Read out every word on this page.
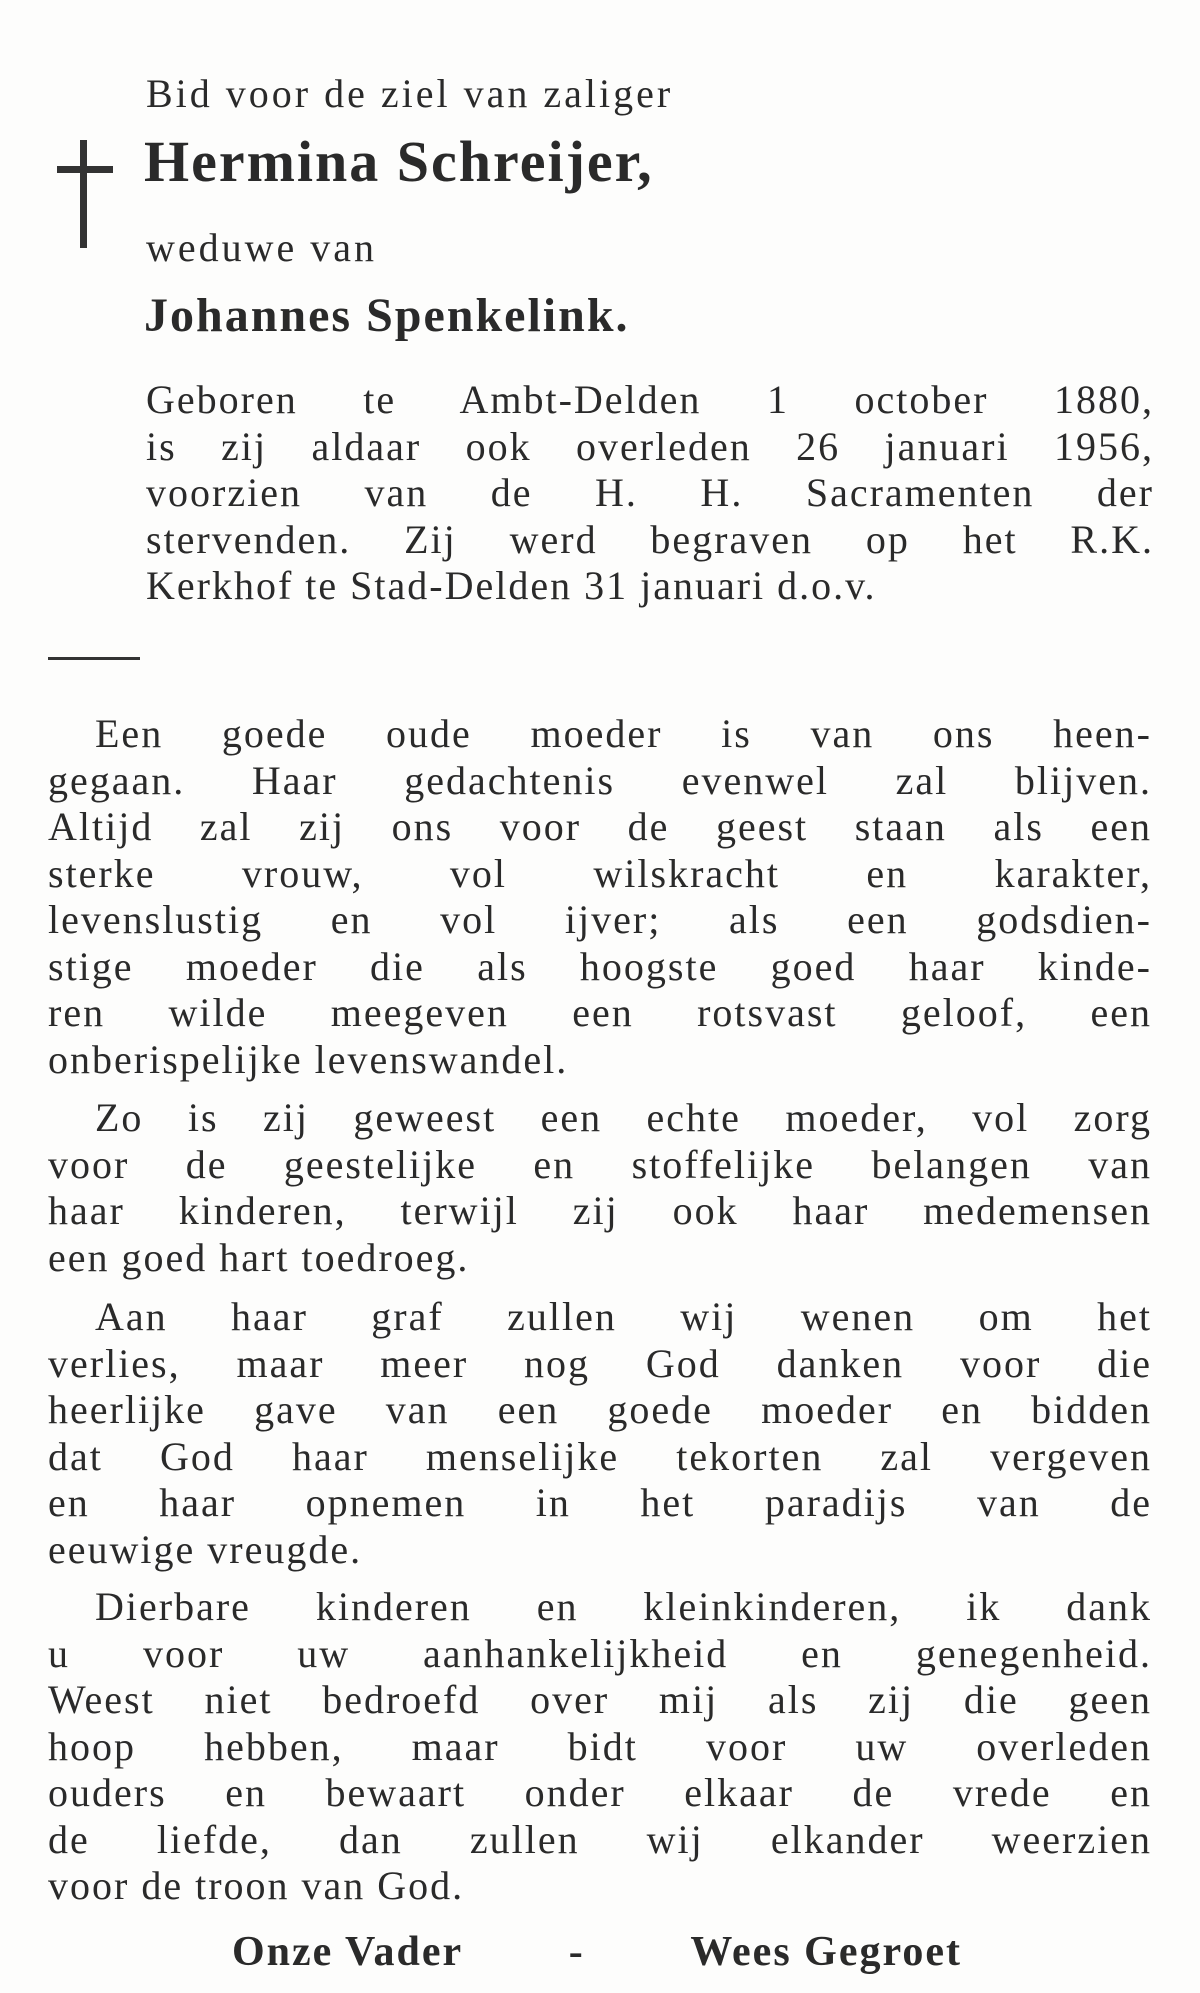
Bid voor de ziel van zaliger
Hermina Schreijer,
weduwe van
Johannes Spenkelink.
Geboren te Ambt-Delden 1 october 1880,
is zij aldaar ook overleden 26 januari 1956,
voorzien van de H. H. Sacramenten der
stervenden. Zij werd begraven op het R.K.
Kerkhof te Stad-Delden 31 januari d.o.v.
Een goede oude moeder is van ons heen-
gegaan. Haar gedachtenis evenwel zal blijven.
Altijd zal zij ons voor de geest staan als een
sterke vrouw, vol wilskracht en karakter,
levenslustig en vol ijver; als een godsdien-
stige moeder die als hoogste goed haar kinde-
ren wilde meegeven een rotsvast geloof, een
onberispelijke levenswandel.
Zo is zij geweest een echte moeder, vol zorg
voor de geestelijke en stoffelijke belangen van
haar kinderen, terwijl zij ook haar medemensen
een goed hart toedroeg.
Aan haar graf zullen wij wenen om het
verlies, maar meer nog God danken voor die
heerlijke gave van een goede moeder en bidden
dat God haar menselijke tekorten zal vergeven
en haar opnemen in het paradijs van de
eeuwige vreugde.
Dierbare kinderen en kleinkinderen, ik dank
u voor uw aanhankelijkheid en genegenheid.
Weest niet bedroefd over mij als zij die geen
hoop hebben, maar bidt voor uw overleden
ouders en bewaart onder elkaar de vrede en
de liefde, dan zullen wij elkander weerzien
voor de troon van God.
Onze Vader	-	Wees Gegroet
